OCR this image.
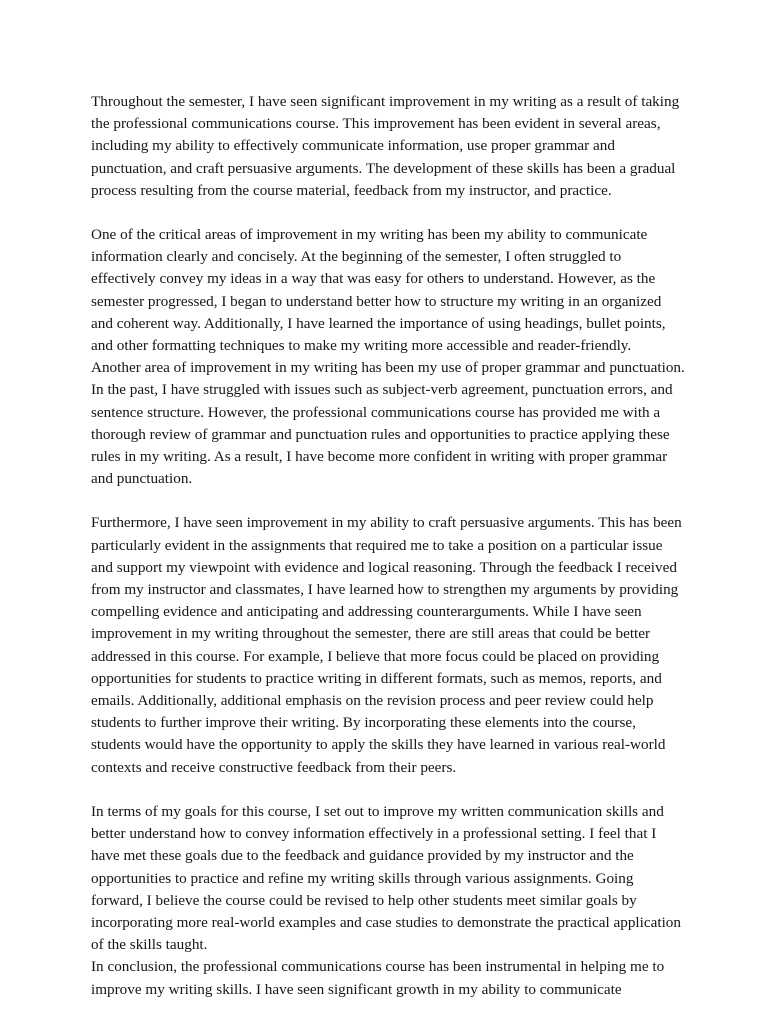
Throughout the semester, I have seen significant improvement in my writing as a result of taking the professional communications course. This improvement has been evident in several areas, including my ability to effectively communicate information, use proper grammar and punctuation, and craft persuasive arguments. The development of these skills has been a gradual process resulting from the course material, feedback from my instructor, and practice.

One of the critical areas of improvement in my writing has been my ability to communicate information clearly and concisely. At the beginning of the semester, I often struggled to effectively convey my ideas in a way that was easy for others to understand. However, as the semester progressed, I began to understand better how to structure my writing in an organized and coherent way. Additionally, I have learned the importance of using headings, bullet points, and other formatting techniques to make my writing more accessible and reader-friendly.

Another area of improvement in my writing has been my use of proper grammar and punctuation. In the past, I have struggled with issues such as subject-verb agreement, punctuation errors, and sentence structure. However, the professional communications course has provided me with a thorough review of grammar and punctuation rules and opportunities to practice applying these rules in my writing. As a result, I have become more confident in writing with proper grammar and punctuation.

Furthermore, I have seen improvement in my ability to craft persuasive arguments. This has been particularly evident in the assignments that required me to take a position on a particular issue and support my viewpoint with evidence and logical reasoning. Through the feedback I received from my instructor and classmates, I have learned how to strengthen my arguments by providing compelling evidence and anticipating and addressing counterarguments. While I have seen improvement in my writing throughout the semester, there are still areas that could be better addressed in this course. For example, I believe that more focus could be placed on providing opportunities for students to practice writing in different formats, such as memos, reports, and emails. Additionally, additional emphasis on the revision process and peer review could help students to further improve their writing. By incorporating these elements into the course, students would have the opportunity to apply the skills they have learned in various real-world contexts and receive constructive feedback from their peers.

In terms of my goals for this course, I set out to improve my written communication skills and better understand how to convey information effectively in a professional setting. I feel that I have met these goals due to the feedback and guidance provided by my instructor and the opportunities to practice and refine my writing skills through various assignments. Going forward, I believe the course could be revised to help other students meet similar goals by incorporating more real-world examples and case studies to demonstrate the practical application of the skills taught.

In conclusion, the professional communications course has been instrumental in helping me to improve my writing skills. I have seen significant growth in my ability to communicate
